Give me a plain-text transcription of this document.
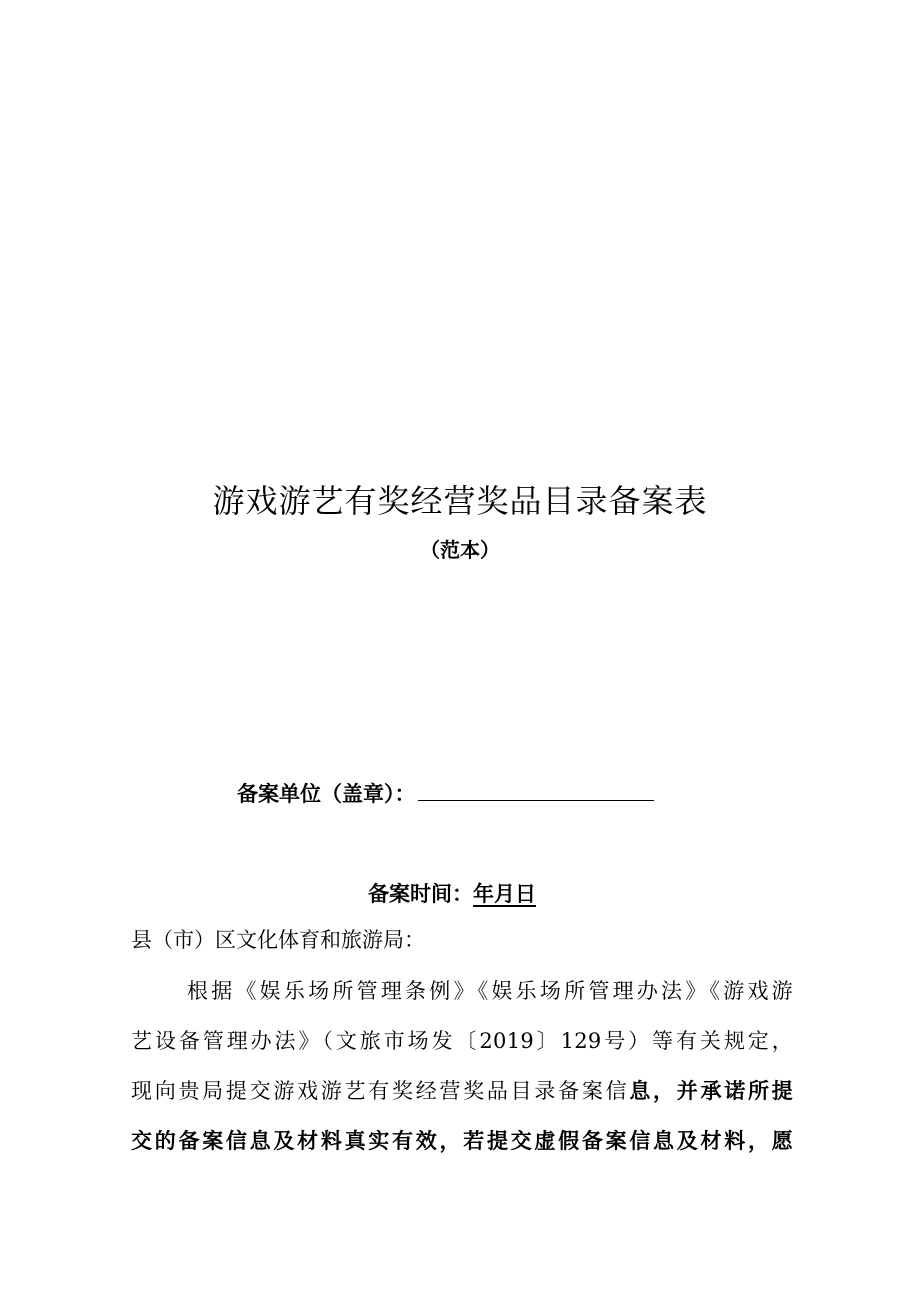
游戏游艺有奖经营奖品目录备案表
（范本）
备案单位（盖章）：
备案时间：年月日
县（市）区文化体育和旅游局：
根据《娱乐场所管理条例》《娱乐场所管理办法》《游戏游
艺设备管理办法》（文旅市场发〔2019〕129号）等有关规定，
现向贵局提交游戏游艺有奖经营奖品目录备案信息，并承诺所提
交的备案信息及材料真实有效，若提交虚假备案信息及材料，愿
